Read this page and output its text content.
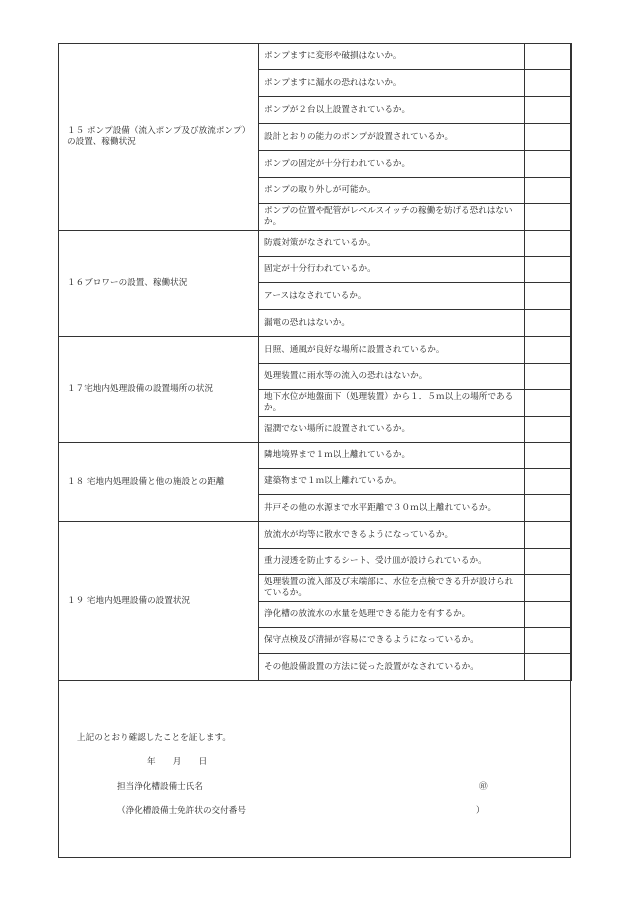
１５ ポンプ設備（流入ポンプ及び放流ポンプ）の設置、稼働状況	ポンプますに変形や破損はないか。	
	ポンプますに漏水の恐れはないか。	
	ポンプが２台以上設置されているか。	
	設計とおりの能力のポンプが設置されているか。	
	ポンプの固定が十分行われているか。	
	ポンプの取り外しが可能か。	
	ポンプの位置や配管がレベルスイッチの稼働を妨げる恐れはないか。	

１６ブロワーの設置、稼働状況	防震対策がなされているか。	
	固定が十分行われているか。	
	アースはなされているか。	
	漏電の恐れはないか。	

１７宅地内処理設備の設置場所の状況	日照、通風が良好な場所に設置されているか。	
	処理装置に雨水等の流入の恐れはないか。	
	地下水位が地盤面下（処理装置）から１．５ｍ以上の場所であるか。	
	湿潤でない場所に設置されているか。	

１８ 宅地内処理設備と他の施設との距離	隣地境界まで１ｍ以上離れているか。	
	建築物まで１ｍ以上離れているか。	
	井戸その他の水源まで水平距離で３０ｍ以上離れているか。	

１９ 宅地内処理設備の設置状況	放流水が均等に散水できるようになっているか。	
	重力浸透を防止するシート、受け皿が設けられているか。	
	処理装置の流入部及び末端部に、水位を点検できる升が設けられているか。	
	浄化槽の放流水の水量を処理できる能力を有するか。	
	保守点検及び清掃が容易にできるようになっているか。	
	その他設備設置の方法に従った設置がなされているか。	
上記のとおり確認したことを証します。
年　　月　　日
担当浄化槽設備士氏名	㊞
（浄化槽設備士免許状の交付番号	）
